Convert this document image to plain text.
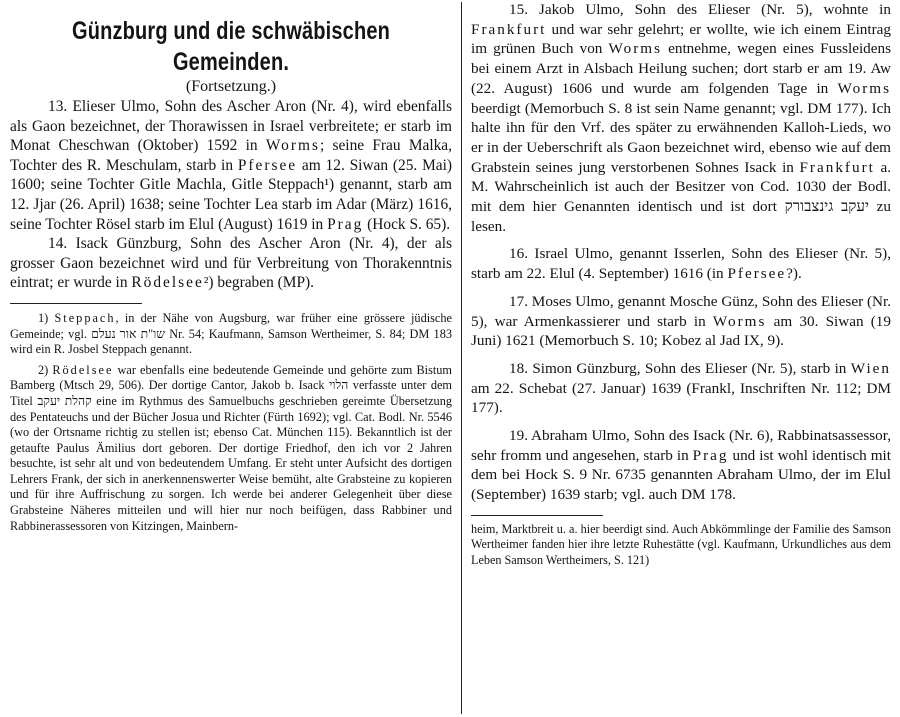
Günzburg und die schwäbischen
Gemeinden.
(Fortsetzung.)

13. Elieser Ulmo, Sohn des Ascher Aron (Nr. 4), wird ebenfalls als Gaon bezeichnet, der Thorawissen in Israel verbreitete; er starb im Monat Cheschwan (Oktober) 1592 in Worms; seine Frau Malka, Tochter des R. Meschulam, starb in Pfersee am 12. Siwan (25. Mai) 1600; seine Tochter Gitle Machla, Gitle Steppach¹) genannt, starb am 12. Jjar (26. April) 1638; seine Tochter Lea starb im Adar (März) 1616, seine Tochter Rösel starb im Elul (August) 1619 in Prag (Hock S. 65).

14. Isack Günzburg, Sohn des Ascher Aron (Nr. 4), der als grosser Gaon bezeichnet wird und für Verbreitung von Thorakenntnis eintrat; er wurde in Rödelsee²) begraben (MP).

1) Steppach, in der Nähe von Augsburg, war früher eine grössere jüdische Gemeinde; vgl. שו"ת אור נעלם Nr. 54; Kaufmann, Samson Wertheimer, S. 84; DM 183 wird ein R. Josbel Steppach genannt.

2) Rödelsee war ebenfalls eine bedeutende Gemeinde und gehörte zum Bistum Bamberg (Mtsch 29, 506). Der dortige Cantor, Jakob b. Isack הלוי verfasste unter dem Titel קהלת יעקב eine im Rythmus des Samuelbuchs geschrieben gereimte Übersetzung des Pentateuchs und der Bücher Josua und Richter (Fürth 1692); vgl. Cat. Bodl. Nr. 5546 (wo der Ortsname richtig zu stellen ist; ebenso Cat. München 115). Bekanntlich ist der getaufte Paulus Ämilius dort geboren. Der dortige Friedhof, den ich vor 2 Jahren besuchte, ist sehr alt und von bedeutendem Umfang. Er steht unter Aufsicht des dortigen Lehrers Frank, der sich in anerkennenswerter Weise bemüht, alte Grabsteine zu kopieren und für ihre Auffrischung zu sorgen. Ich werde bei anderer Gelegenheit über diese Grabsteine Näheres mitteilen und will hier nur noch beifügen, dass Rabbiner und Rabbinerassessoren von Kitzingen, Mainbern-

15. Jakob Ulmo, Sohn des Elieser (Nr. 5), wohnte in Frankfurt und war sehr gelehrt; er wollte, wie ich einem Eintrag im grünen Buch von Worms entnehme, wegen eines Fussleidens bei einem Arzt in Alsbach Heilung suchen; dort starb er am 19. Aw (22. August) 1606 und wurde am folgenden Tage in Worms beerdigt (Memorbuch S. 8 ist sein Name genannt; vgl. DM 177). Ich halte ihn für den Vrf. des später zu erwähnenden Kalloh-Lieds, wo er in der Ueberschrift als Gaon bezeichnet wird, ebenso wie auf dem Grabstein seines jung verstorbenen Sohnes Isack in Frankfurt a. M. Wahrscheinlich ist auch der Besitzer von Cod. 1030 der Bodl. mit dem hier Genannten identisch und ist dort יעקב גינצבורק zu lesen.

16. Israel Ulmo, genannt Isserlen, Sohn des Elieser (Nr. 5), starb am 22. Elul (4. September) 1616 (in Pfersee?).

17. Moses Ulmo, genannt Mosche Günz, Sohn des Elieser (Nr. 5), war Armenkassierer und starb in Worms am 30. Siwan (19 Juni) 1621 (Memorbuch S. 10; Kobez al Jad IX, 9).

18. Simon Günzburg, Sohn des Elieser (Nr. 5), starb in Wien am 22. Schebat (27. Januar) 1639 (Frankl, Inschriften Nr. 112; DM 177).

19. Abraham Ulmo, Sohn des Isack (Nr. 6), Rabbinatsassessor, sehr fromm und angesehen, starb in Prag und ist wohl identisch mit dem bei Hock S. 9 Nr. 6735 genannten Abraham Ulmo, der im Elul (September) 1639 starb; vgl. auch DM 178.

heim, Marktbreit u. a. hier beerdigt sind. Auch Abkömmlinge der Familie des Samson Wertheimer fanden hier ihre letzte Ruhestätte (vgl. Kaufmann, Urkundliches aus dem Leben Samson Wertheimers, S. 121)
